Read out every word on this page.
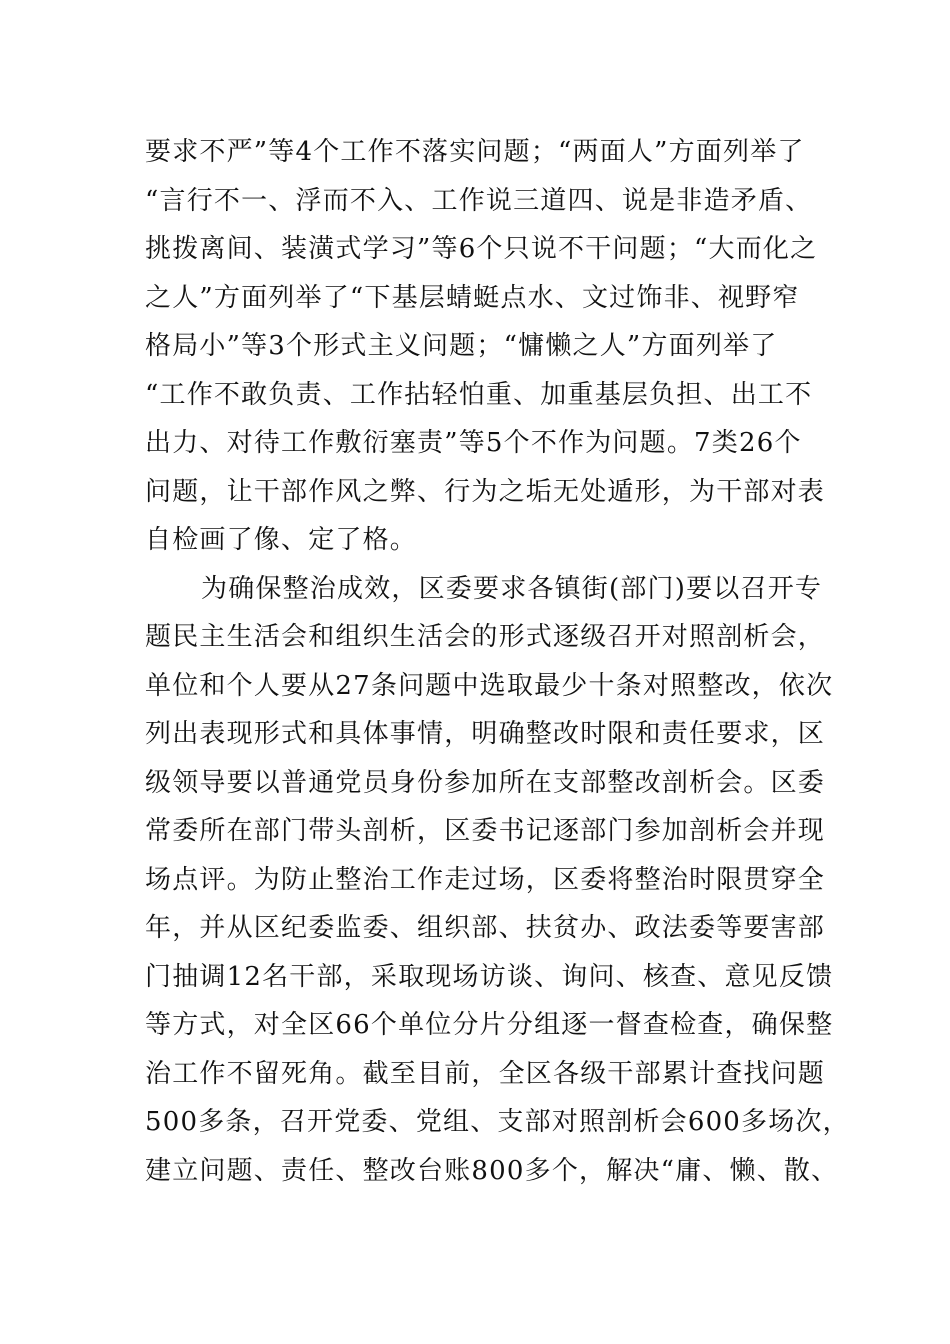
要求不严”等4个工作不落实问题；“两面人”方面列举了
“言行不一、浮而不入、工作说三道四、说是非造矛盾、
挑拨离间、装潢式学习”等6个只说不干问题；“大而化之
之人”方面列举了“下基层蜻蜓点水、文过饰非、视野窄
格局小”等3个形式主义问题；“慵懒之人”方面列举了
“工作不敢负责、工作拈轻怕重、加重基层负担、出工不
出力、对待工作敷衍塞责”等5个不作为问题。7类26个
问题，让干部作风之弊、行为之垢无处遁形，为干部对表
自检画了像、定了格。
为确保整治成效，区委要求各镇街(部门)要以召开专
题民主生活会和组织生活会的形式逐级召开对照剖析会，
单位和个人要从27条问题中选取最少十条对照整改，依次
列出表现形式和具体事情，明确整改时限和责任要求，区
级领导要以普通党员身份参加所在支部整改剖析会。区委
常委所在部门带头剖析，区委书记逐部门参加剖析会并现
场点评。为防止整治工作走过场，区委将整治时限贯穿全
年，并从区纪委监委、组织部、扶贫办、政法委等要害部
门抽调12名干部，采取现场访谈、询问、核查、意见反馈
等方式，对全区66个单位分片分组逐一督查检查，确保整
治工作不留死角。截至目前，全区各级干部累计查找问题
500多条，召开党委、党组、支部对照剖析会600多场次，
建立问题、责任、整改台账800多个，解决“庸、懒、散、
